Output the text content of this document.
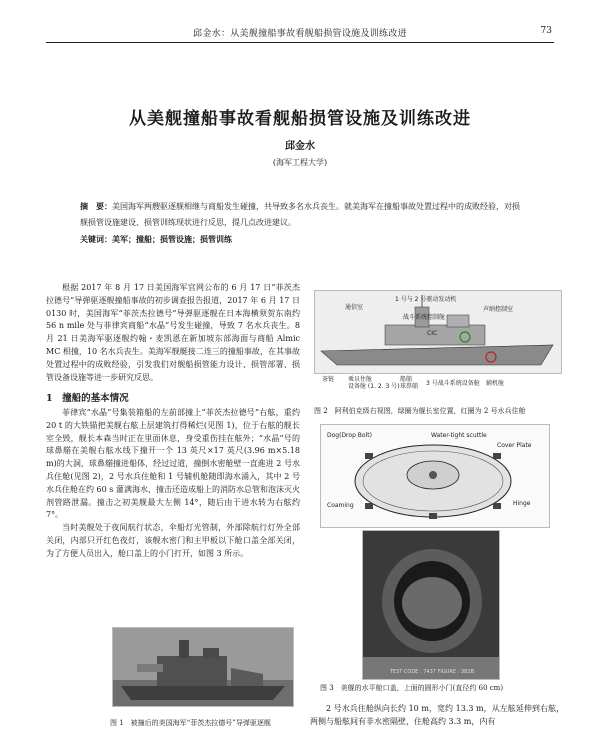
邱金水：从美舰撞船事故看舰船损管设施及训练改进	73
从美舰撞船事故看舰船损管设施及训练改进
邱金水
(海军工程大学)
摘　要：美国海军两艘驱逐舰相继与商船发生碰撞，共导致多名水兵丧生。就美海军在撞船事故处置过程中的成败经验，对损舰损管设施建设、损管训练现状进行反思，提几点改进建议。
关键词：美军；撞船；损管设施；损管训练

根据 2017 年 8 月 17 日美国海军官网公布的 6 月 17 日“菲茨杰拉德号”导弹驱逐舰撞船事故的初步调查报告报道，2017 年 6 月 17 日 0130 时，美国海军“菲茨杰拉德号”导弹驱逐舰在日本海横须贺东南约 56 n mile 处与菲律宾商船“水晶”号发生碰撞，导致 7 名水兵丧生。8 月 21 日美海军驱逐舰约翰・麦凯恩在新加坡东部海面与商船 Almic MC 相撞，10 名水兵丧生。美海军舰艇接二连三的撞船事故，在其事故处置过程中的成败经验，引发我们对舰船损管能力设计、损管部署、损管设备设施等进一步研究反思。

1　撞船的基本情况

菲律宾“水晶”号集装箱船的左前部撞上“菲茨杰拉德号”右舷，重约 20 t 的大铁锚把美舰右舷上层建筑打得稀烂(见图 1)，位于右舷的舰长室全毁，舰长本森当时正在里面休息，身受重伤挂在舷外；“水晶”号的球鼻艏在美舰右舷水线下撞开一个 13 英尺×17 英尺(3.96 m×5.18 m)的大洞，球鼻艏撞进船体，经过过道，撞倒水密舱壁一直進进 2 号水兵住舱(见图 2)，2 号水兵住舱和 1 号辅机舱随即海水涌入，其中 2 号水兵住舱在约 60 s 灌满海水，撞击还造成船上的消防水总管和泡沫灭火剂管路泄漏。撞击之初美舰最大左侧 14°，随后由于进水转为右舷约 7°。

当时美舰处于夜间航行状态，伞船灯光管制，外部除航行灯外全部关闭，内部只开红色夜灯，该舰水密门和主甲板以下舱口盖全部关闭，为了方便人员出入，舱口盖上的小门打开，如图 3 所示。

图 1　被撞后的美国海军“菲茨杰拉德号”导弹驱逐舰
通信室
1 号与 2 号驱动发动机
声纳控制室
战斗系统控制舱
CIC
茶链 乘员住舱
设备舱 (1. 2. 3 号)
船艏
球鼻艏 3 号战斗系统设备舱 辅机舱
图 2　阿利伯克级右视图，绿圈为舰长室位置，红圈为 2 号水兵住舱
Dog(Drop Bolt)	Water-tight scuttle
Cover Plate
Coaming	Hinge
TEST CODE : 7437 FIGURE : 3B2B
图 3　美舰的水平舱口盖，上面的圆形小门(直径约 60 cm)

2 号水兵住舱纵向长约 10 m，宽约 13.3 m，从左舷延伸到右舷，两侧与船舷间有非水密隔壁，住舱高约 3.3 m，内有
